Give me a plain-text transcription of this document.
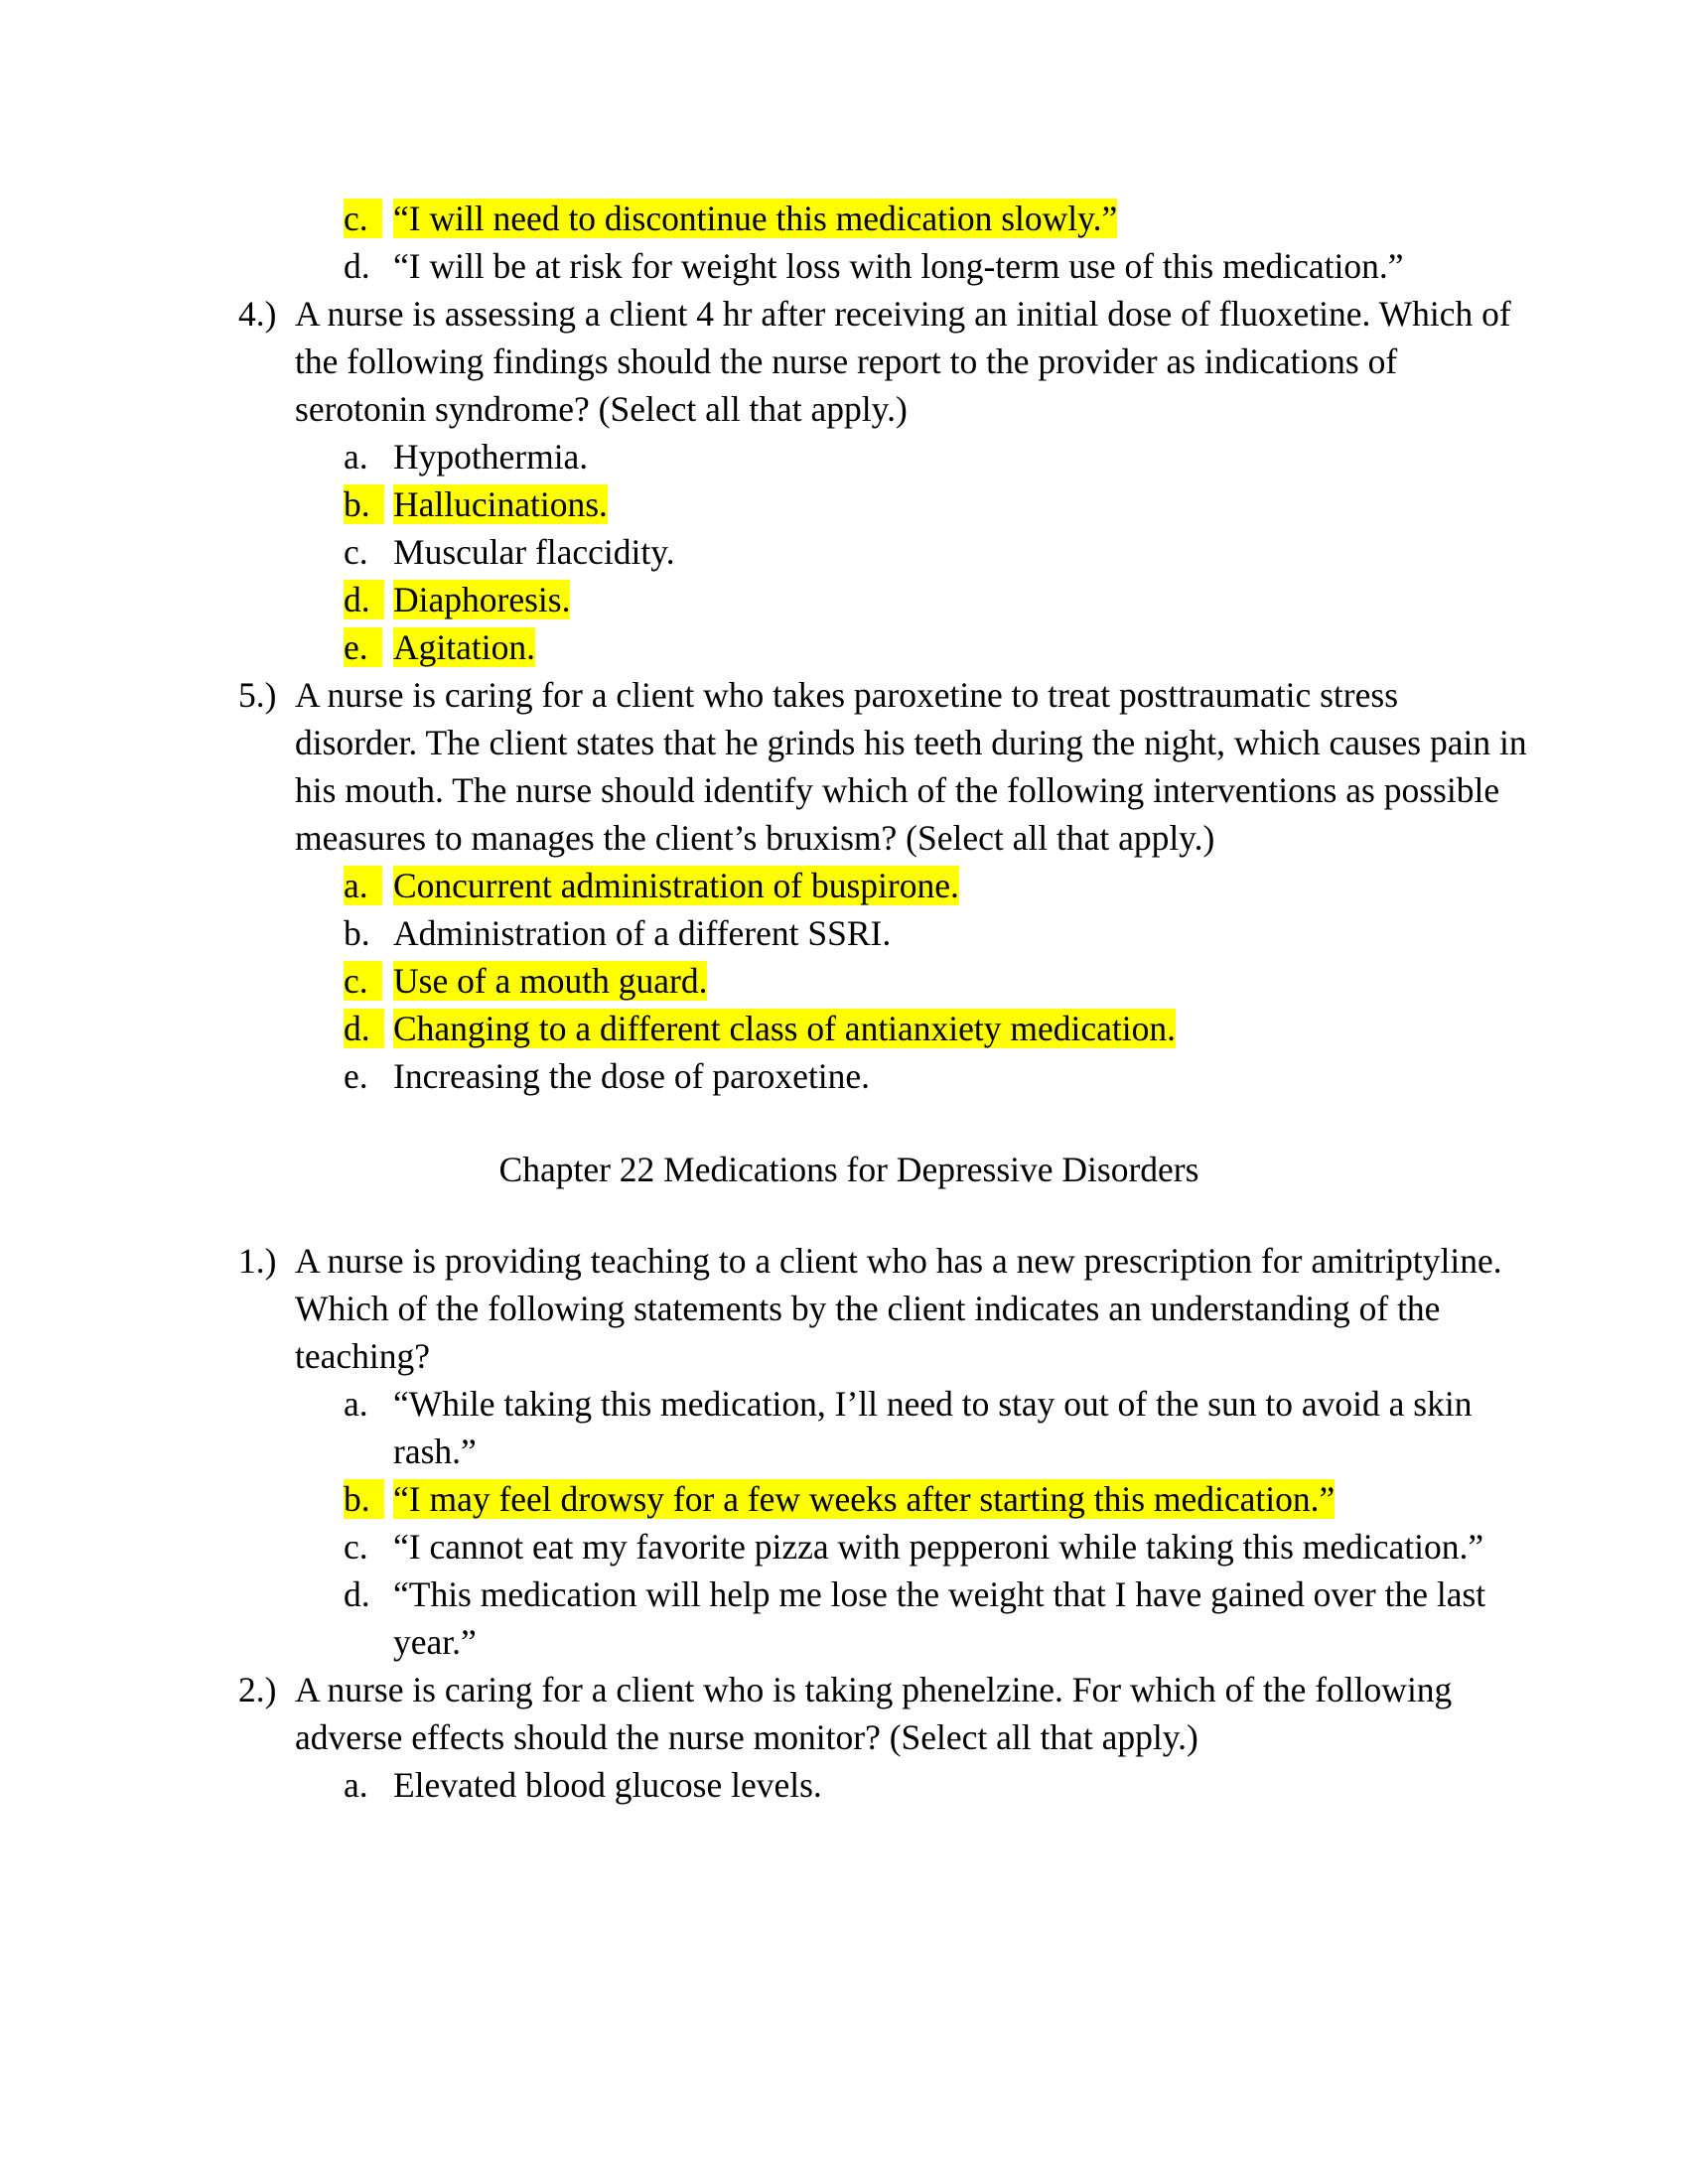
c. “I will need to discontinue this medication slowly.”
d. “I will be at risk for weight loss with long-term use of this medication.”
4.) A nurse is assessing a client 4 hr after receiving an initial dose of fluoxetine. Which of the following findings should the nurse report to the provider as indications of serotonin syndrome? (Select all that apply.)
a. Hypothermia.
b. Hallucinations.
c. Muscular flaccidity.
d. Diaphoresis.
e. Agitation.
5.) A nurse is caring for a client who takes paroxetine to treat posttraumatic stress disorder. The client states that he grinds his teeth during the night, which causes pain in his mouth. The nurse should identify which of the following interventions as possible measures to manages the client’s bruxism? (Select all that apply.)
a. Concurrent administration of buspirone.
b. Administration of a different SSRI.
c. Use of a mouth guard.
d. Changing to a different class of antianxiety medication.
e. Increasing the dose of paroxetine.
Chapter 22 Medications for Depressive Disorders
1.) A nurse is providing teaching to a client who has a new prescription for amitriptyline. Which of the following statements by the client indicates an understanding of the teaching?
a. “While taking this medication, I’ll need to stay out of the sun to avoid a skin rash.”
b. “I may feel drowsy for a few weeks after starting this medication.”
c. “I cannot eat my favorite pizza with pepperoni while taking this medication.”
d. “This medication will help me lose the weight that I have gained over the last year.”
2.) A nurse is caring for a client who is taking phenelzine. For which of the following adverse effects should the nurse monitor? (Select all that apply.)
a. Elevated blood glucose levels.
